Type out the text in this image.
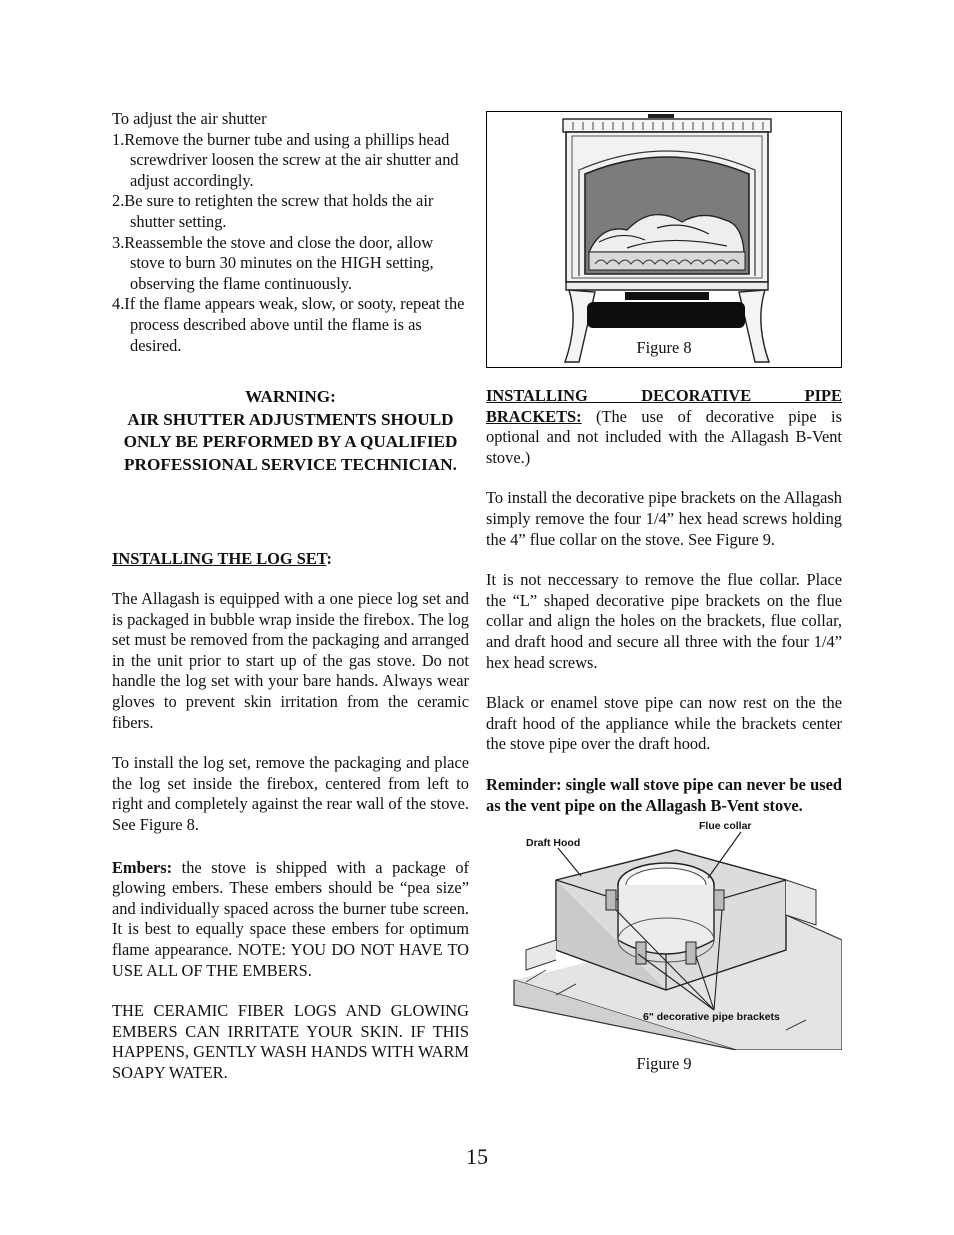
To adjust the air shutter

1.Remove the burner tube and using a phillips head screwdriver loosen the screw at the air shutter and adjust accordingly.
2.Be sure to retighten the screw that holds the air shutter setting.
3.Reassemble the stove and close the door, allow stove to burn 30 minutes on the HIGH setting, observing the flame continuously.
4.If the flame appears weak, slow, or sooty, repeat the process described above until the flame is as desired.

WARNING:

AIR SHUTTER ADJUSTMENTS SHOULD ONLY BE PERFORMED BY A QUALIFIED PROFESSIONAL SERVICE TECHNICIAN.

INSTALLING THE LOG SET:

The Allagash is equipped with a one piece log set and is packaged in bubble wrap inside the firebox. The log set must be removed from the packaging and arranged in the unit prior to start up of the gas stove. Do not handle the log set with your bare hands. Always wear gloves to prevent skin irritation from the ceramic fibers.

To install the log set, remove the packaging and place the log set inside the firebox, centered from left to right and completely against the rear wall of the stove. See Figure 8.

Embers: the stove is shipped with a package of glowing embers. These embers should be “pea size” and individually spaced across the burner tube screen. It is best to equally space these embers for optimum flame appearance. NOTE: YOU DO NOT HAVE TO USE ALL OF THE EMBERS.

THE CERAMIC FIBER LOGS AND GLOWING EMBERS CAN IRRITATE YOUR SKIN. IF THIS HAPPENS, GENTLY WASH HANDS WITH WARM SOAPY WATER.

Figure 8

INSTALLING DECORATIVE PIPE BRACKETS: (The use of decorative pipe is optional and not included with the Allagash B-Vent stove.)

To install the decorative pipe brackets on the Allagash simply remove the four 1/4” hex head screws holding the 4” flue collar on the stove. See Figure 9.

It is not neccessary to remove the flue collar. Place the “L” shaped decorative pipe brackets on the flue collar and align the holes on the brackets, flue collar, and draft hood and secure all three with the four 1/4” hex head screws.

Black or enamel stove pipe can now rest on the the draft hood of the appliance while the brackets center the stove pipe over the draft hood.

Reminder: single wall stove pipe can never be used as the vent pipe on the Allagash B-Vent stove.

Draft Hood
Flue collar
6" decorative pipe brackets
Figure 9
15
